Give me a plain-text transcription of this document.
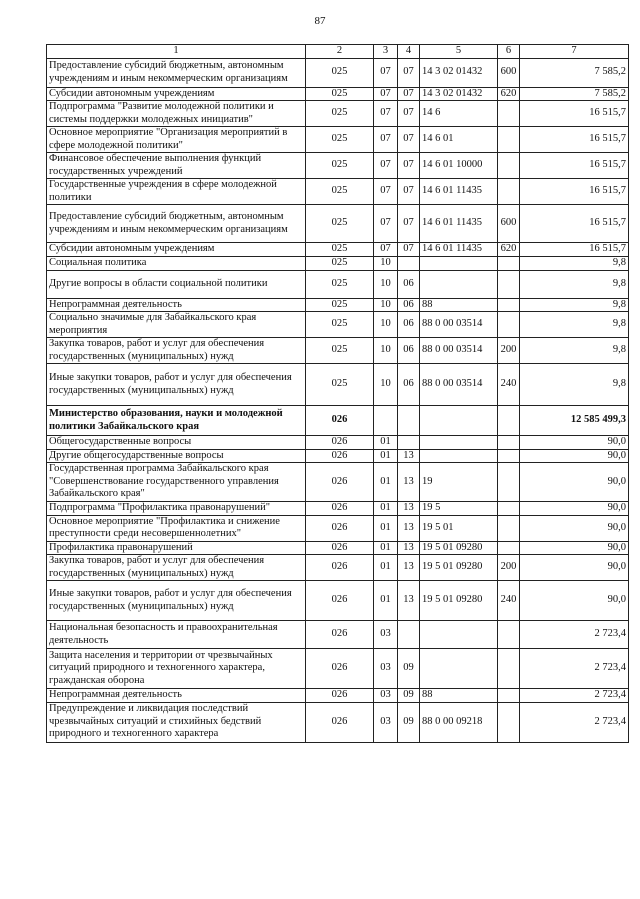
87
1	2	3	4	5	6	7
Предоставление субсидий бюджетным, автономным учреждениям и иным некоммерческим организациям	025	07	07	14 3 02 01432	600	7 585,2
Субсидии автономным учреждениям	025	07	07	14 3 02 01432	620	7 585,2
Подпрограмма "Развитие молодежной политики и системы поддержки молодежных инициатив"	025	07	07	14 6		16 515,7
Основное мероприятие "Организация мероприятий в сфере молодежной политики"	025	07	07	14 6 01		16 515,7
Финансовое обеспечение выполнения функций государственных учреждений	025	07	07	14 6 01 10000		16 515,7
Государственные учреждения в сфере молодежной политики	025	07	07	14 6 01 11435		16 515,7
Предоставление субсидий бюджетным, автономным учреждениям и иным некоммерческим организациям	025	07	07	14 6 01 11435	600	16 515,7
Субсидии автономным учреждениям	025	07	07	14 6 01 11435	620	16 515,7
Социальная политика	025	10				9,8
Другие вопросы в области социальной политики	025	10	06			9,8
Непрограммная деятельность	025	10	06	88		9,8
Социально значимые для Забайкальского края мероприятия	025	10	06	88 0 00 03514		9,8
Закупка товаров, работ и услуг для обеспечения государственных (муниципальных) нужд	025	10	06	88 0 00 03514	200	9,8
Иные закупки товаров, работ и услуг для обеспечения государственных (муниципальных) нужд	025	10	06	88 0 00 03514	240	9,8
Министерство образования, науки и молодежной политики Забайкальского края	026					12 585 499,3
Общегосударственные вопросы	026	01				90,0
Другие общегосударственные вопросы	026	01	13			90,0
Государственная программа Забайкальского края "Совершенствование государственного управления Забайкальского края"	026	01	13	19		90,0
Подпрограмма "Профилактика правонарушений"	026	01	13	19 5		90,0
Основное мероприятие "Профилактика и снижение преступности среди несовершеннолетних"	026	01	13	19 5 01		90,0
Профилактика правонарушений	026	01	13	19 5 01 09280		90,0
Закупка товаров, работ и услуг для обеспечения государственных (муниципальных) нужд	026	01	13	19 5 01 09280	200	90,0
Иные закупки товаров, работ и услуг для обеспечения государственных (муниципальных) нужд	026	01	13	19 5 01 09280	240	90,0
Национальная безопасность и правоохранительная деятельность	026	03				2 723,4
Защита населения и территории от чрезвычайных ситуаций природного и техногенного характера, гражданская оборона	026	03	09			2 723,4
Непрограммная деятельность	026	03	09	88		2 723,4
Предупреждение и ликвидация последствий чрезвычайных ситуаций и стихийных бедствий природного и техногенного характера	026	03	09	88 0 00 09218		2 723,4
